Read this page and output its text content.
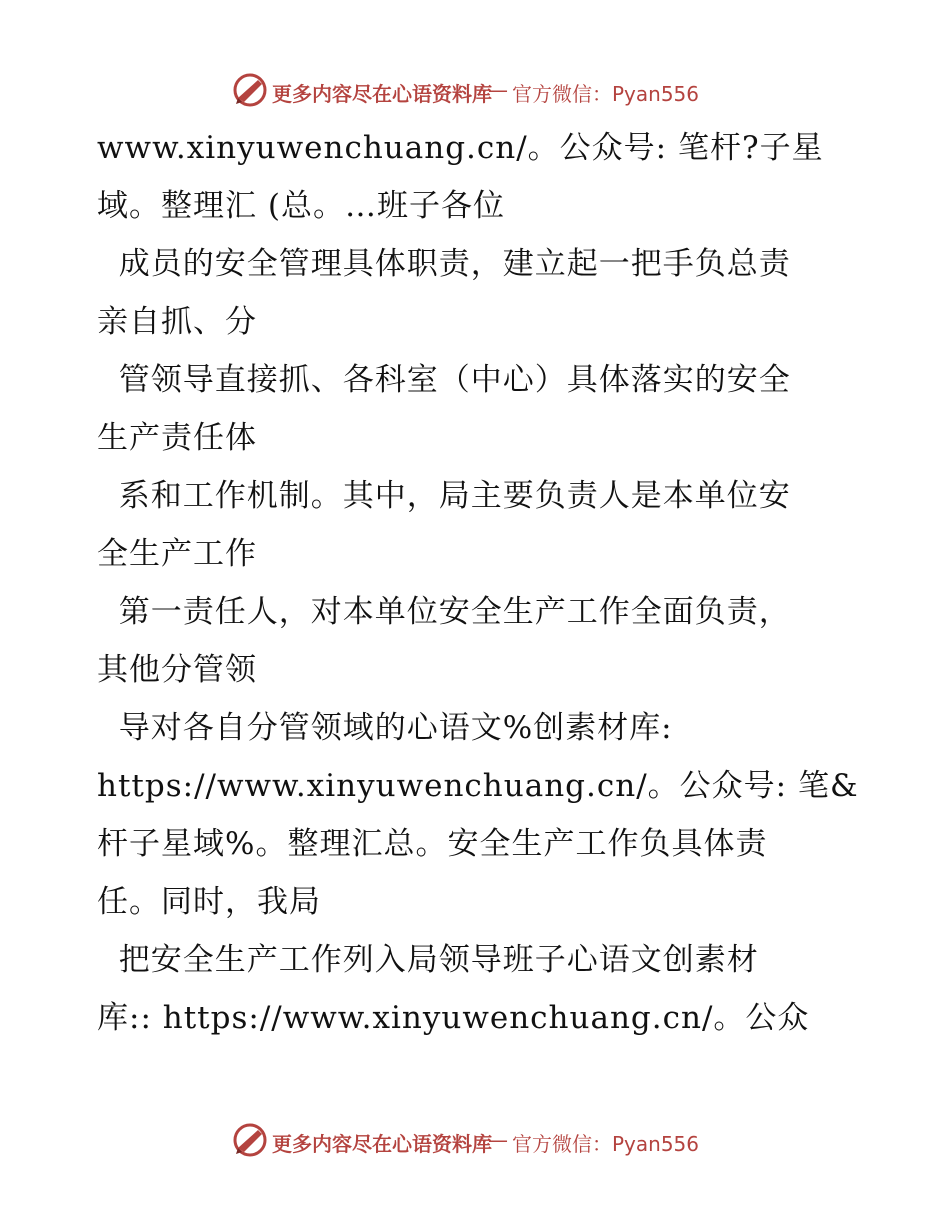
更多内容尽在心语资料库
— 官方微信：Pyan556
www.xinyuwenchuang.cn/。公众号: 笔杆?子星
域。整理汇 (总。…班子各位
成员的安全管理具体职责，建立起一把手负总责
亲自抓、分
管领导直接抓、各科室（中心）具体落实的安全
生产责任体
系和工作机制。其中，局主要负责人是本单位安
全生产工作
第一责任人，对本单位安全生产工作全面负责，
其他分管领
导对各自分管领域的心语文%创素材库:
https://www.xinyuwenchuang.cn/。公众号: 笔&
杆子星域%。整理汇总。安全生产工作负具体责
任。同时，我局
把安全生产工作列入局领导班子心语文创素材
库:: https://www.xinyuwenchuang.cn/。公众
更多内容尽在心语资料库
— 官方微信：Pyan556
